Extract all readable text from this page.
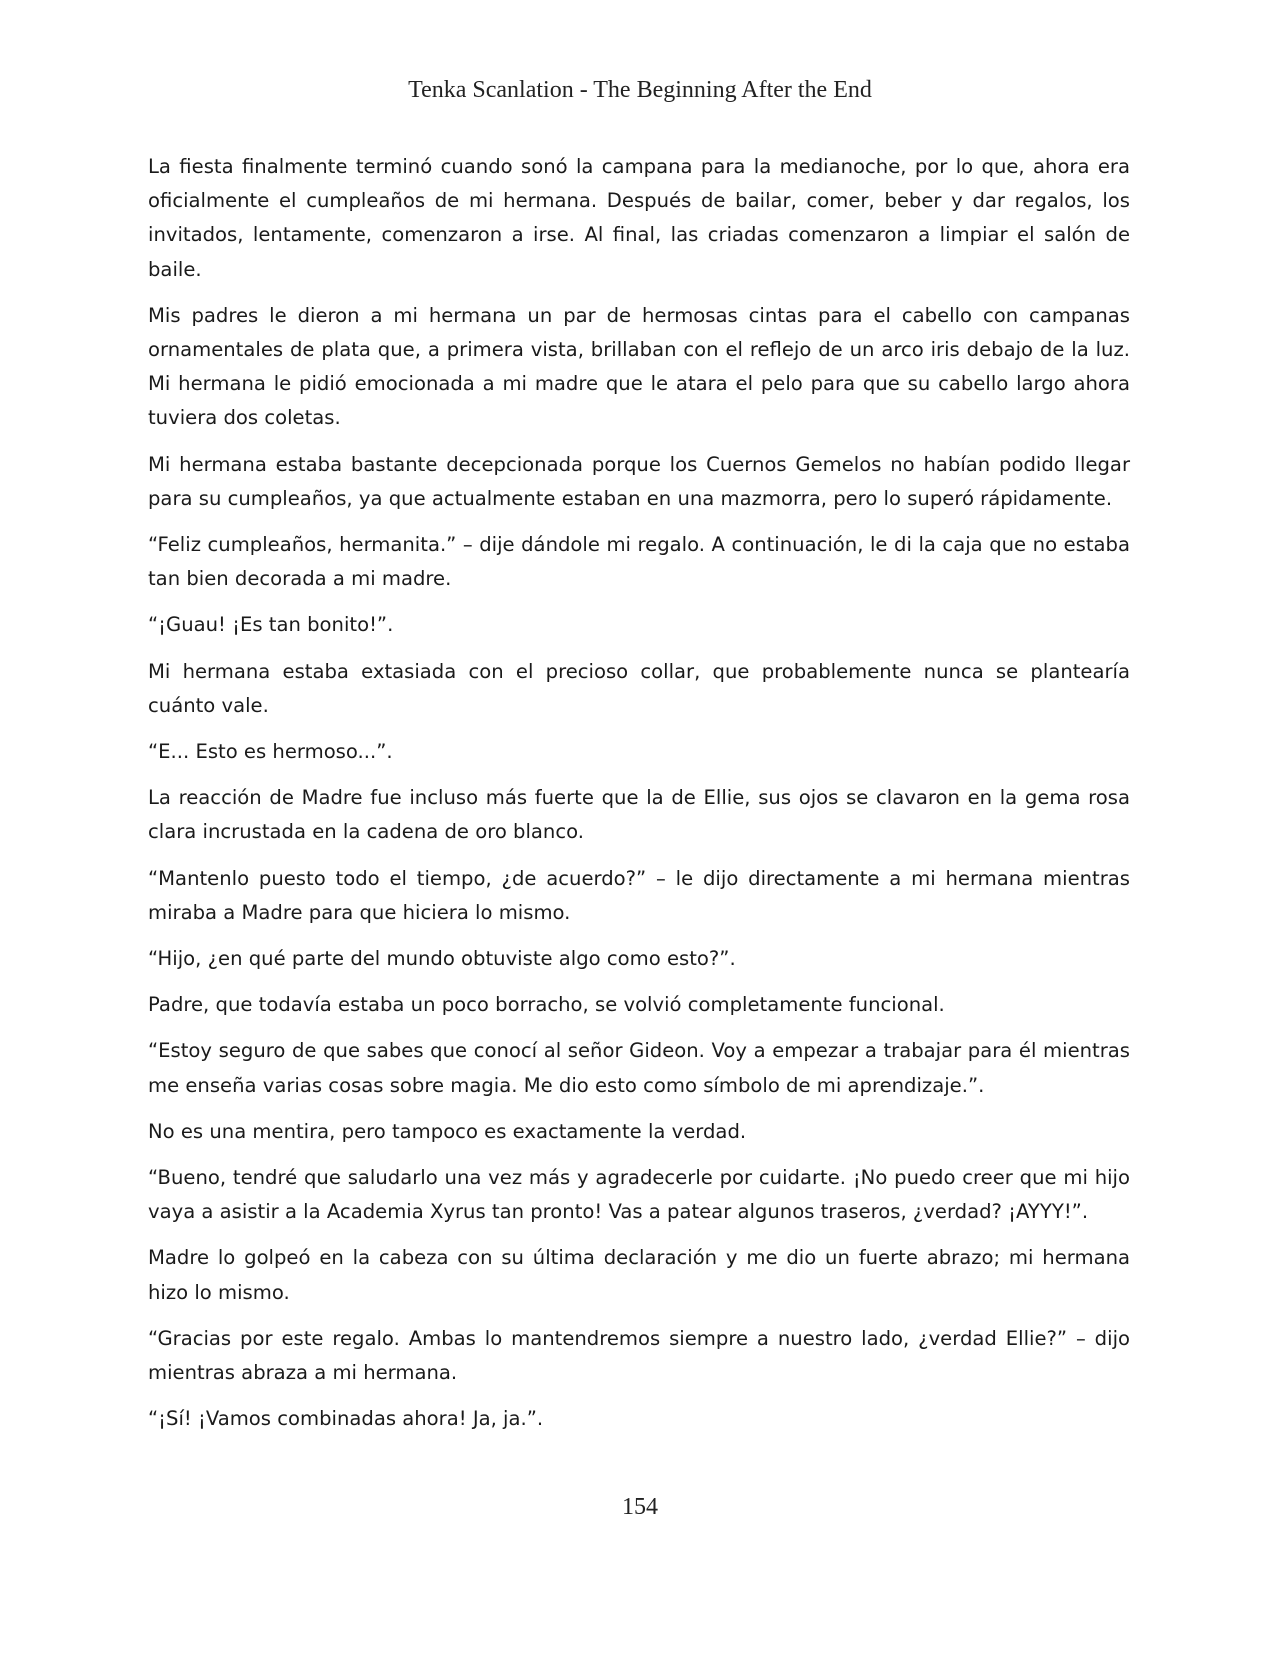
Tenka Scanlation - The Beginning After the End

La fiesta finalmente terminó cuando sonó la campana para la medianoche, por lo que, ahora era oficialmente el cumpleaños de mi hermana. Después de bailar, comer, beber y dar regalos, los invitados, lentamente, comenzaron a irse. Al final, las criadas comenzaron a limpiar el salón de baile.

Mis padres le dieron a mi hermana un par de hermosas cintas para el cabello con campanas ornamentales de plata que, a primera vista, brillaban con el reflejo de un arco iris debajo de la luz. Mi hermana le pidió emocionada a mi madre que le atara el pelo para que su cabello largo ahora tuviera dos coletas.

Mi hermana estaba bastante decepcionada porque los Cuernos Gemelos no habían podido llegar para su cumpleaños, ya que actualmente estaban en una mazmorra, pero lo superó rápidamente.

“Feliz cumpleaños, hermanita.” – dije dándole mi regalo. A continuación, le di la caja que no estaba tan bien decorada a mi madre.

“¡Guau! ¡Es tan bonito!”.

Mi hermana estaba extasiada con el precioso collar, que probablemente nunca se plantearía cuánto vale.

“E... Esto es hermoso...”.

La reacción de Madre fue incluso más fuerte que la de Ellie, sus ojos se clavaron en la gema rosa clara incrustada en la cadena de oro blanco.

“Mantenlo puesto todo el tiempo, ¿de acuerdo?” – le dijo directamente a mi hermana mientras miraba a Madre para que hiciera lo mismo.

“Hijo, ¿en qué parte del mundo obtuviste algo como esto?”.

Padre, que todavía estaba un poco borracho, se volvió completamente funcional.

“Estoy seguro de que sabes que conocí al señor Gideon. Voy a empezar a trabajar para él mientras me enseña varias cosas sobre magia. Me dio esto como símbolo de mi aprendizaje.”.

No es una mentira, pero tampoco es exactamente la verdad.

“Bueno, tendré que saludarlo una vez más y agradecerle por cuidarte. ¡No puedo creer que mi hijo vaya a asistir a la Academia Xyrus tan pronto! Vas a patear algunos traseros, ¿verdad? ¡AYYY!”.

Madre lo golpeó en la cabeza con su última declaración y me dio un fuerte abrazo; mi hermana hizo lo mismo.

“Gracias por este regalo. Ambas lo mantendremos siempre a nuestro lado, ¿verdad Ellie?” – dijo mientras abraza a mi hermana.

“¡Sí! ¡Vamos combinadas ahora! Ja, ja.”.

154
